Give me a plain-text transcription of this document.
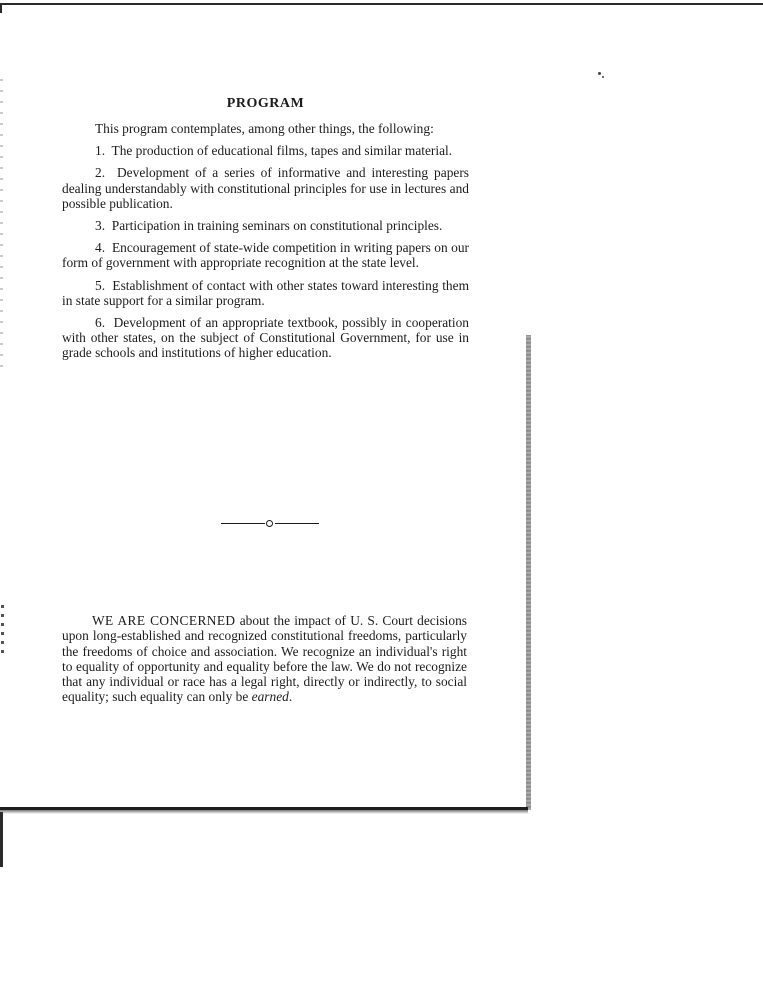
PROGRAM

This program contemplates, among other things, the following:

1. The production of educational films, tapes and similar material.

2. Development of a series of informative and interesting papers dealing understandably with constitutional principles for use in lectures and possible publication.

3. Participation in training seminars on constitutional principles.

4. Encouragement of state-wide competition in writing papers on our form of government with appropriate recognition at the state level.

5. Establishment of contact with other states toward interesting them in state support for a similar program.

6. Development of an appropriate textbook, possibly in cooperation with other states, on the subject of Constitutional Government, for use in grade schools and institutions of higher education.

WE ARE CONCERNED about the impact of U. S. Court decisions upon long-established and recognized constitutional freedoms, particularly the freedoms of choice and association. We recognize an individual's right to equality of opportunity and equality before the law. We do not recognize that any individual or race has a legal right, directly or indirectly, to social equality; such equality can only be earned.
